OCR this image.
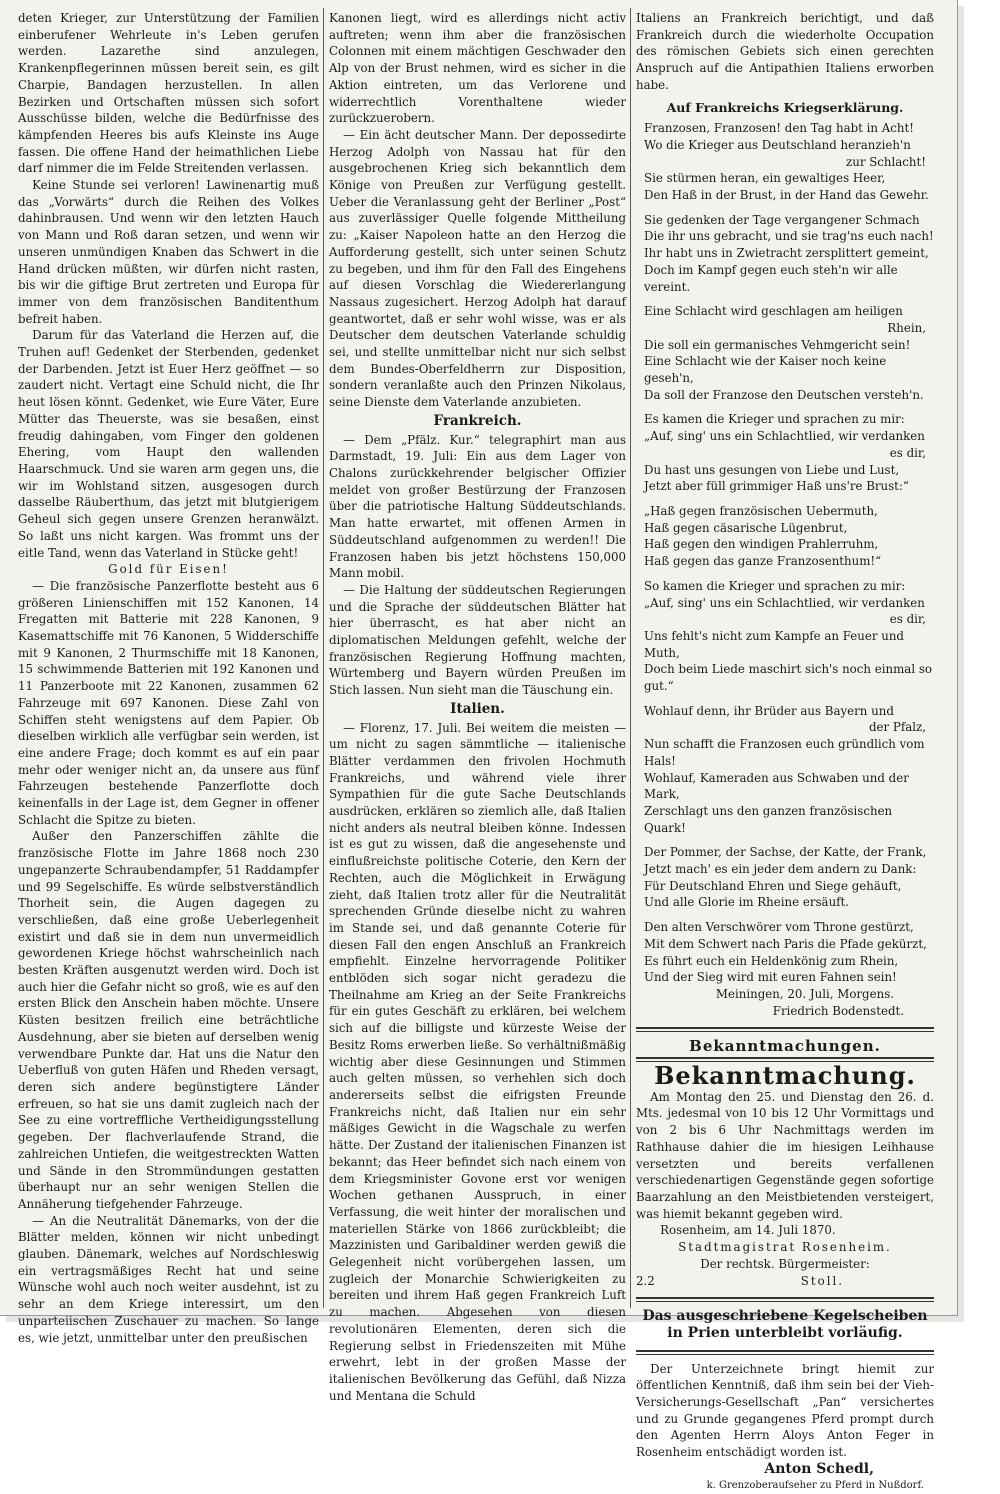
deten Krieger, zur Unterstützung der Familien einberufener Wehrleute in's Leben gerufen werden. Lazarethe sind anzulegen, Krankenpflegerinnen müssen bereit sein, es gilt Charpie, Bandagen herzustellen. In allen Bezirken und Ortschaften müssen sich sofort Ausschüsse bilden, welche die Bedürfnisse des kämpfenden Heeres bis aufs Kleinste ins Auge fassen. Die offene Hand der heimathlichen Liebe darf nimmer die im Felde Streitenden verlassen.

Keine Stunde sei verloren! Lawinenartig muß das „Vorwärts“ durch die Reihen des Volkes dahinbrausen. Und wenn wir den letzten Hauch von Mann und Roß daran setzen, und wenn wir unseren unmündigen Knaben das Schwert in die Hand drücken müßten, wir dürfen nicht rasten, bis wir die giftige Brut zertreten und Europa für immer von dem französischen Banditenthum befreit haben.

Darum für das Vaterland die Herzen auf, die Truhen auf! Gedenket der Sterbenden, gedenket der Darbenden. Jetzt ist Euer Herz geöffnet — so zaudert nicht. Vertagt eine Schuld nicht, die Ihr heut lösen könnt. Gedenket, wie Eure Väter, Eure Mütter das Theuerste, was sie besaßen, einst freudig dahingaben, vom Finger den goldenen Ehering, vom Haupt den wallenden Haarschmuck. Und sie waren arm gegen uns, die wir im Wohlstand sitzen, ausgesogen durch dasselbe Räuberthum, das jetzt mit blutgierigem Geheul sich gegen unsere Grenzen heranwälzt. So laßt uns nicht kargen. Was frommt uns der eitle Tand, wenn das Vaterland in Stücke geht!

Gold für Eisen!

— Die französische Panzerflotte besteht aus 6 größeren Linienschiffen mit 152 Kanonen, 14 Fregatten mit Batterie mit 228 Kanonen, 9 Kasemattschiffe mit 76 Kanonen, 5 Widderschiffe mit 9 Kanonen, 2 Thurmschiffe mit 18 Kanonen, 15 schwimmende Batterien mit 192 Kanonen und 11 Panzerboote mit 22 Kanonen, zusammen 62 Fahrzeuge mit 697 Kanonen. Diese Zahl von Schiffen steht wenigstens auf dem Papier. Ob dieselben wirklich alle verfügbar sein werden, ist eine andere Frage; doch kommt es auf ein paar mehr oder weniger nicht an, da unsere aus fünf Fahrzeugen bestehende Panzerflotte doch keinenfalls in der Lage ist, dem Gegner in offener Schlacht die Spitze zu bieten.

Außer den Panzerschiffen zählte die französische Flotte im Jahre 1868 noch 230 ungepanzerte Schraubendampfer, 51 Raddampfer und 99 Segelschiffe. Es würde selbstverständlich Thorheit sein, die Augen dagegen zu verschließen, daß eine große Ueberlegenheit existirt und daß sie in dem nun unvermeidlich gewordenen Kriege höchst wahrscheinlich nach besten Kräften ausgenutzt werden wird. Doch ist auch hier die Gefahr nicht so groß, wie es auf den ersten Blick den Anschein haben möchte. Unsere Küsten besitzen freilich eine beträchtliche Ausdehnung, aber sie bieten auf derselben wenig verwendbare Punkte dar. Hat uns die Natur den Ueberfluß von guten Häfen und Rheden versagt, deren sich andere begünstigtere Länder erfreuen, so hat sie uns damit zugleich nach der See zu eine vortreffliche Vertheidigungsstellung gegeben. Der flachverlaufende Strand, die zahlreichen Untiefen, die weitgestreckten Watten und Sände in den Strommündungen gestatten überhaupt nur an sehr wenigen Stellen die Annäherung tiefgehender Fahrzeuge.

— An die Neutralität Dänemarks, von der die Blätter melden, können wir nicht unbedingt glauben. Dänemark, welches auf Nordschleswig ein vertragsmäßiges Recht hat und seine Wünsche wohl auch noch weiter ausdehnt, ist zu sehr an dem Kriege interessirt, um den unparteiischen Zuschauer zu machen. So lange es, wie jetzt, unmittelbar unter den preußischen

Kanonen liegt, wird es allerdings nicht activ auftreten; wenn ihm aber die französischen Colonnen mit einem mächtigen Geschwader den Alp von der Brust nehmen, wird es sicher in die Aktion eintreten, um das Verlorene und widerrechtlich Vorenthaltene wieder zurückzuerobern.

— Ein ächt deutscher Mann. Der depossedirte Herzog Adolph von Nassau hat für den ausgebrochenen Krieg sich bekanntlich dem Könige von Preußen zur Verfügung gestellt. Ueber die Veranlassung geht der Berliner „Post“ aus zuverlässiger Quelle folgende Mittheilung zu: „Kaiser Napoleon hatte an den Herzog die Aufforderung gestellt, sich unter seinen Schutz zu begeben, und ihm für den Fall des Eingehens auf diesen Vorschlag die Wiedererlangung Nassaus zugesichert. Herzog Adolph hat darauf geantwortet, daß er sehr wohl wisse, was er als Deutscher dem deutschen Vaterlande schuldig sei, und stellte unmittelbar nicht nur sich selbst dem Bundes-Oberfeldherrn zur Disposition, sondern veranlaßte auch den Prinzen Nikolaus, seine Dienste dem Vaterlande anzubieten.

Frankreich.

— Dem „Pfälz. Kur.“ telegraphirt man aus Darmstadt, 19. Juli: Ein aus dem Lager von Chalons zurückkehrender belgischer Offizier meldet von großer Bestürzung der Franzosen über die patriotische Haltung Süddeutschlands. Man hatte erwartet, mit offenen Armen in Süddeutschland aufgenommen zu werden!! Die Franzosen haben bis jetzt höchstens 150,000 Mann mobil.

— Die Haltung der süddeutschen Regierungen und die Sprache der süddeutschen Blätter hat hier überrascht, es hat aber nicht an diplomatischen Meldungen gefehlt, welche der französischen Regierung Hoffnung machten, Würtemberg und Bayern würden Preußen im Stich lassen. Nun sieht man die Täuschung ein.

Italien.

— Florenz, 17. Juli. Bei weitem die meisten — um nicht zu sagen sämmtliche — italienische Blätter verdammen den frivolen Hochmuth Frankreichs, und während viele ihrer Sympathien für die gute Sache Deutschlands ausdrücken, erklären so ziemlich alle, daß Italien nicht anders als neutral bleiben könne. Indessen ist es gut zu wissen, daß die angesehenste und einflußreichste politische Coterie, den Kern der Rechten, auch die Möglichkeit in Erwägung zieht, daß Italien trotz aller für die Neutralität sprechenden Gründe dieselbe nicht zu wahren im Stande sei, und daß genannte Coterie für diesen Fall den engen Anschluß an Frankreich empfiehlt. Einzelne hervorragende Politiker entblöden sich sogar nicht geradezu die Theilnahme am Krieg an der Seite Frankreichs für ein gutes Geschäft zu erklären, bei welchem sich auf die billigste und kürzeste Weise der Besitz Roms erwerben ließe. So verhältnißmäßig wichtig aber diese Gesinnungen und Stimmen auch gelten müssen, so verhehlen sich doch andererseits selbst die eifrigsten Freunde Frankreichs nicht, daß Italien nur ein sehr mäßiges Gewicht in die Wagschale zu werfen hätte. Der Zustand der italienischen Finanzen ist bekannt; das Heer befindet sich nach einem von dem Kriegsminister Govone erst vor wenigen Wochen gethanen Ausspruch, in einer Verfassung, die weit hinter der moralischen und materiellen Stärke von 1866 zurückbleibt; die Mazzinisten und Garibaldiner werden gewiß die Gelegenheit nicht vorübergehen lassen, um zugleich der Monarchie Schwierigkeiten zu bereiten und ihrem Haß gegen Frankreich Luft zu machen. Abgesehen von diesen revolutionären Elementen, deren sich die Regierung selbst in Friedenszeiten mit Mühe erwehrt, lebt in der großen Masse der italienischen Bevölkerung das Gefühl, daß Nizza und Mentana die Schuld

Italiens an Frankreich berichtigt, und daß Frankreich durch die wiederholte Occupation des römischen Gebiets sich einen gerechten Anspruch auf die Antipathien Italiens erworben habe.

Auf Frankreichs Kriegserklärung.

Franzosen, Franzosen! den Tag habt in Acht!

Wo die Krieger aus Deutschland heranzieh'n

zur Schlacht!

Sie stürmen heran, ein gewaltiges Heer,

Den Haß in der Brust, in der Hand das Gewehr.

Sie gedenken der Tage vergangener Schmach

Die ihr uns gebracht, und sie trag'ns euch nach!

Ihr habt uns in Zwietracht zersplittert gemeint,

Doch im Kampf gegen euch steh'n wir alle vereint.

Eine Schlacht wird geschlagen am heiligen

Rhein,

Die soll ein germanisches Vehmgericht sein!

Eine Schlacht wie der Kaiser noch keine geseh'n,

Da soll der Franzose den Deutschen versteh'n.

Es kamen die Krieger und sprachen zu mir:

„Auf, sing' uns ein Schlachtlied, wir verdanken

es dir,

Du hast uns gesungen von Liebe und Lust,

Jetzt aber füll grimmiger Haß uns're Brust:“

„Haß gegen französischen Uebermuth,

Haß gegen cäsarische Lügenbrut,

Haß gegen den windigen Prahlerruhm,

Haß gegen das ganze Franzosenthum!“

So kamen die Krieger und sprachen zu mir:

„Auf, sing' uns ein Schlachtlied, wir verdanken

es dir,

Uns fehlt's nicht zum Kampfe an Feuer und Muth,

Doch beim Liede maschirt sich's noch einmal so gut.“

Wohlauf denn, ihr Brüder aus Bayern und

der Pfalz,

Nun schafft die Franzosen euch gründlich vom Hals!

Wohlauf, Kameraden aus Schwaben und der Mark,

Zerschlagt uns den ganzen französischen Quark!

Der Pommer, der Sachse, der Katte, der Frank,

Jetzt mach' es ein jeder dem andern zu Dank:

Für Deutschland Ehren und Siege gehäuft,

Und alle Glorie im Rheine ersäuft.

Den alten Verschwörer vom Throne gestürzt,

Mit dem Schwert nach Paris die Pfade gekürzt,

Es führt euch ein Heldenkönig zum Rhein,

Und der Sieg wird mit euren Fahnen sein!

Meiningen, 20. Juli, Morgens.

Friedrich Bodenstedt.

Bekanntmachungen.
Bekanntmachung.

Am Montag den 25. und Dienstag den 26. d. Mts. jedesmal von 10 bis 12 Uhr Vormittags und von 2 bis 6 Uhr Nachmittags werden im Rathhause dahier die im hiesigen Leihhause versetzten und bereits verfallenen verschiedenartigen Gegenstände gegen sofortige Baarzahlung an den Meistbietenden versteigert, was hiemit bekannt gegeben wird.

Rosenheim, am 14. Juli 1870.

Stadtmagistrat Rosenheim.

Der rechtsk. Bürgermeister:

2.2	Stoll.

Das ausgeschriebene Kegelscheiben

in Prien unterbleibt vorläufig.

Der Unterzeichnete bringt hiemit zur öffentlichen Kenntniß, daß ihm sein bei der Vieh-Versicherungs-Gesellschaft „Pan“ versichertes und zu Grunde gegangenes Pferd prompt durch den Agenten Herrn Aloys Anton Feger in Rosenheim entschädigt worden ist.

Anton Schedl,

k. Grenzoberaufseher zu Pferd in Nußdorf.
